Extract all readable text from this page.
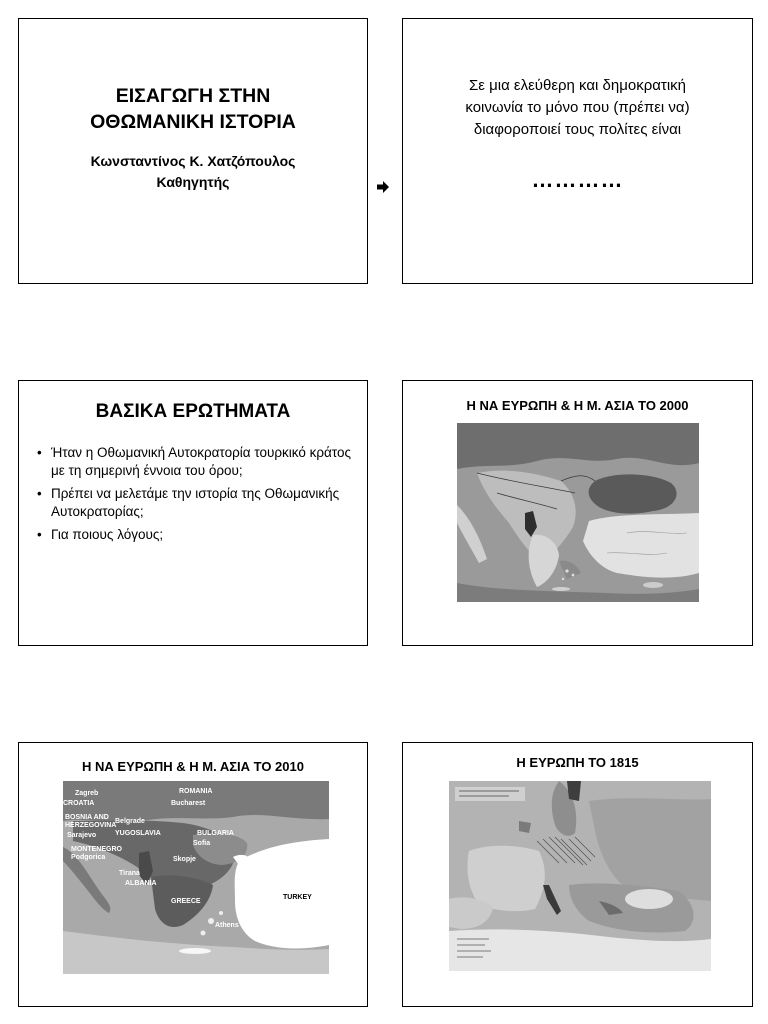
ΕΙΣΑΓΩΓΗ ΣΤΗΝ
ΟΘΩΜΑΝΙΚΗ ΙΣΤΟΡΙΑ
Κωνσταντίνος Κ. Χατζόπουλος
Καθηγητής
Σε μια ελεύθερη και δημοκρατική
κοινωνία το μόνο που (πρέπει να)
διαφοροποιεί τους πολίτες είναι
…………
ΒΑΣΙΚΑ ΕΡΩΤΗΜΑΤΑ
• Ήταν η Οθωμανική Αυτοκρατορία τουρκικό κράτος με τη σημερινή έννοια του όρου;
• Πρέπει να μελετάμε την ιστορία της Οθωμανικής Αυτοκρατορίας;
• Για ποιους λόγους;
Η ΝΑ ΕΥΡΩΠΗ & Η Μ. ΑΣΙΑ ΤΟ 2000
Η ΝΑ ΕΥΡΩΠΗ & Η Μ. ΑΣΙΑ ΤΟ 2010
Zagreb	ROMANIA
CROATIA	Bucharest
BOSNIA AND
HERZEGOVINA
Belgrade
Sarajevo	YUGOSLAVIA	BULGARIA
Sofia
MONTENEGRO
Podgorica	Skopje	Ankara
Tirana
ALBANIA
TURKEY
GREECE
Athens
Η ΕΥΡΩΠΗ ΤΟ 1815
